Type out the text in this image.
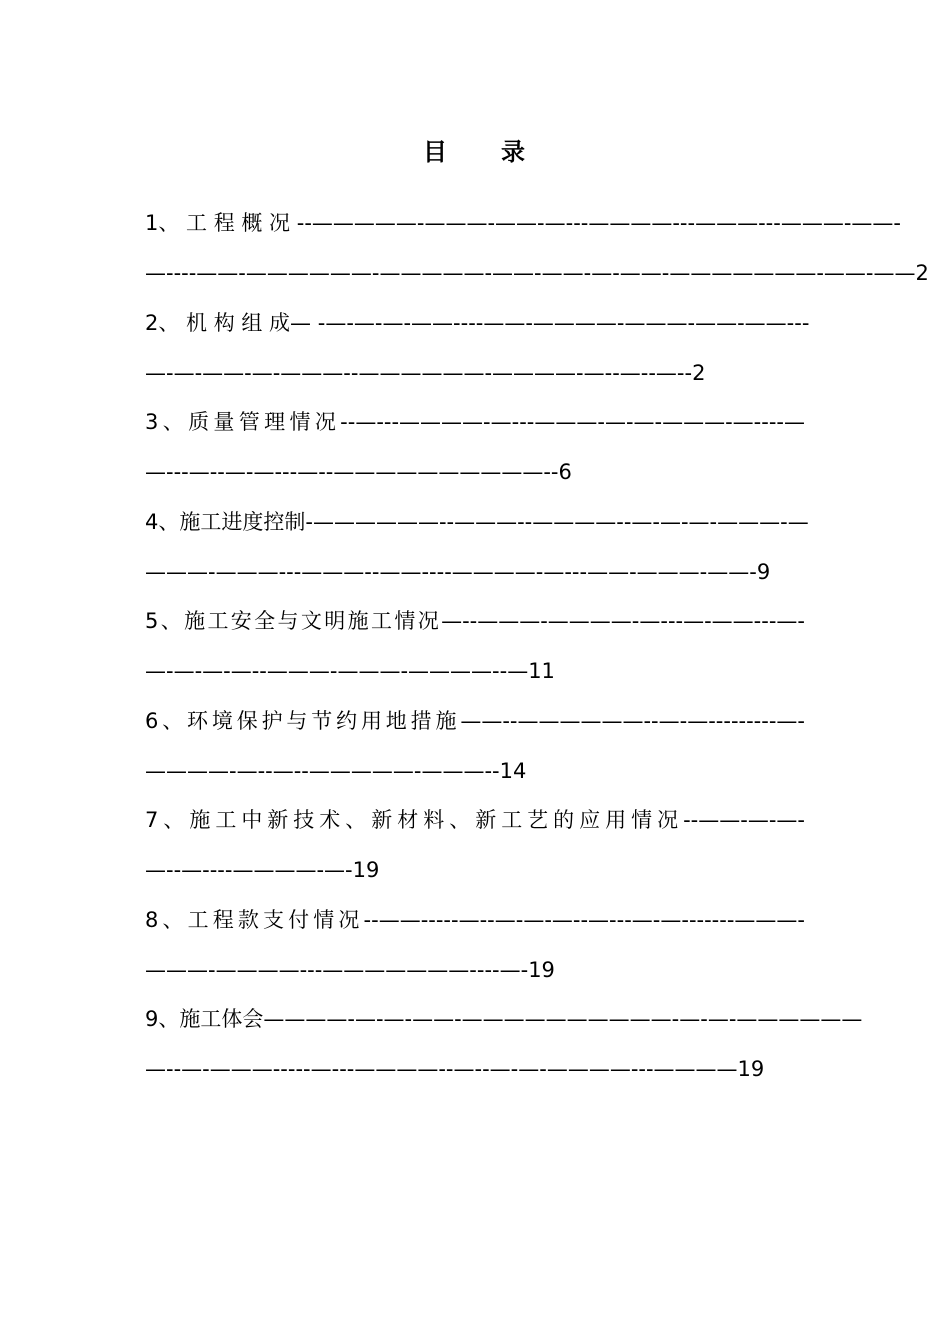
目　　录
1、 工 程 概 况 --—————-———-——-—---————---———---———-——-
—----——-——————-—————-——-——-—-——-———————-——-——2
2、 机 构 组 成— -—-—-—-——----——-————-———-——-——---
—-—-——-—-———--——————-————-—--—--—--2
3、质量管理情况--—---————-—---———-—-—-———-—----—
—---—--—-—---—--——————————--6
4、施工进度控制-——————--———--————--—-—-—-———-—
———-———---———--——----————-—---——-———-——-9
5、施工安全与文明施工情况—--———-————-—---—-——---—-
—-—-—-—--———-———-————--—11
6、环境保护与节约用地措施——--——————--—-—---------—-
————-—--—--—————-———--14
7、施工中新技术、新材料、新工艺的应用情况--——-—-—-
—--—----————-—-19
8、工程款支付情况--——-----—--—-—-—--—---—-—-------———-
———-————---———————----—-19
9、施工体会————-—-—-——-——————————-—-—-——————
—--—-———-----—---————--—--—-—-————---————19
